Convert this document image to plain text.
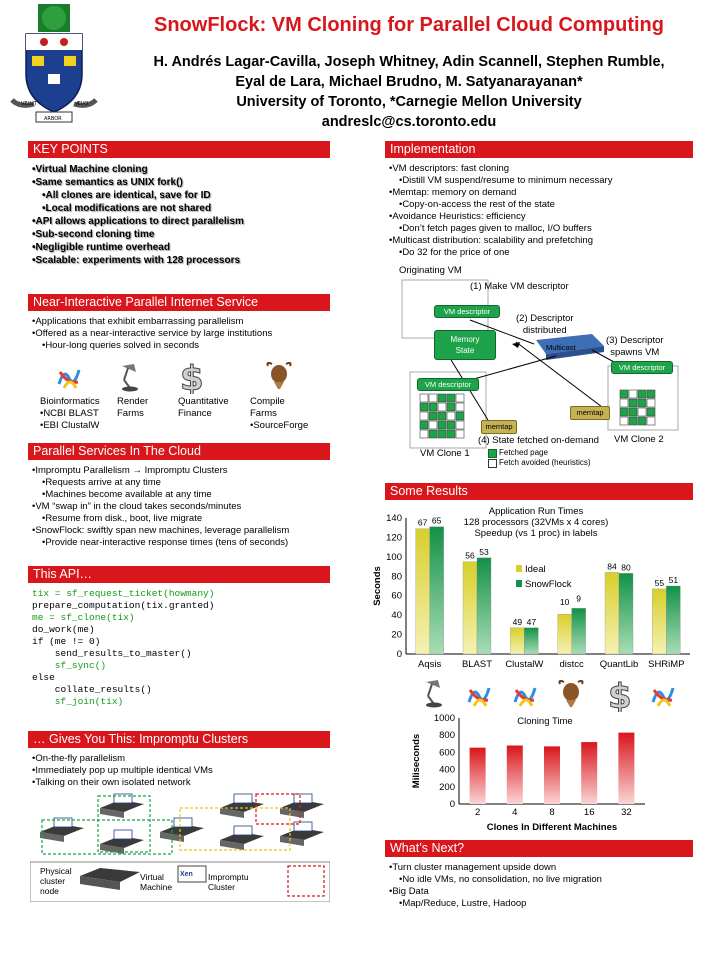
VELUT
ARBOR
ÆVO
SnowFlock: VM Cloning for Parallel Cloud Computing
H. Andrés Lagar-Cavilla, Joseph Whitney, Adin Scannell, Stephen Rumble,
Eyal de Lara, Michael Brudno, M. Satyanarayanan*
University of Toronto, *Carnegie Mellon University
andreslc@cs.toronto.edu
KEY POINTS
•Virtual Machine cloning
•Same semantics as UNIX fork()
•All clones are identical, save for ID
•Local modifications are not shared
•API allows applications to direct parallelism
•Sub-second cloning time
•Negligible runtime overhead
•Scalable: experiments with 128 processors
Near-Interactive Parallel Internet Service
•Applications that exhibit embarrassing parallelism
•Offered as a near-interactive service by large institutions
•Hour-long queries solved in seconds
$
Bioinformatics
•NCBI BLAST
•EBI ClustalW
Render
Farms
Quantitative
Finance
Compile
Farms
•SourceForge
Parallel Services In The Cloud
•Impromptu Parallelism → Impromptu Clusters
•Requests arrive at any time
•Machines become available at any time
•VM “swap in” in the cloud takes seconds/minutes
•Resume from disk., boot, live migrate
•SnowFlock: swiftly span new machines, leverage parallelism
•Provide near-interactive response times (tens of seconds)
This API…
tix = sf_request_ticket(howmany)
prepare_computation(tix.granted)
me = sf_clone(tix)
do_work(me)
if (me != 0)
send_results_to_master()
sf_sync()
else
collate_results()
sf_join(tix)
… Gives You This: Impromptu Clusters
•On-the-fly parallelism
•Immediately pop up multiple identical VMs
•Talking on their own isolated network
Physical cluster node
Virtual Machine
Impromptu Cluster
Xen
Implementation
•VM descriptors: fast cloning
•Distill VM suspend/resume to minimum necessary
•Memtap: memory on demand
•Copy-on-access the rest of the state
•Avoidance Heuristics: efficiency
•Don’t fetch pages given to malloc, I/O buffers
•Multicast distribution: scalability and prefetching
•Do 32 for the price of one
Originating VM
(1) Make VM descriptor
(2) Descriptor
distributed
(3) Descriptor
spawns VM
(4) State fetched on-demand
VM descriptor
Memory
State	Multicast
VM descriptor
VM descriptor
memtap
memtap
VM Clone 1
VM Clone 2
Fetched page
Fetch avoided (heuristics)
Some Results
Application Run Times
128 processors (32VMs x 4 cores)
Speedup (vs 1 proc) in labels
0
20
40
60
80
100
120
140
Seconds
67 65
Aqsis
56 53
BLAST
49 47
ClustalW
10 9
distcc
84 80
QuantLib
55 51
SHRiMP
Ideal
SnowFlock
$
Cloning Time
0
200
400
600
800
1000
Miliseconds
2	4	8	16	32
Clones In Different Machines
What’s Next?
•Turn cluster management upside down
•No idle VMs, no consolidation, no live migration
•Big Data
•Map/Reduce, Lustre, Hadoop
